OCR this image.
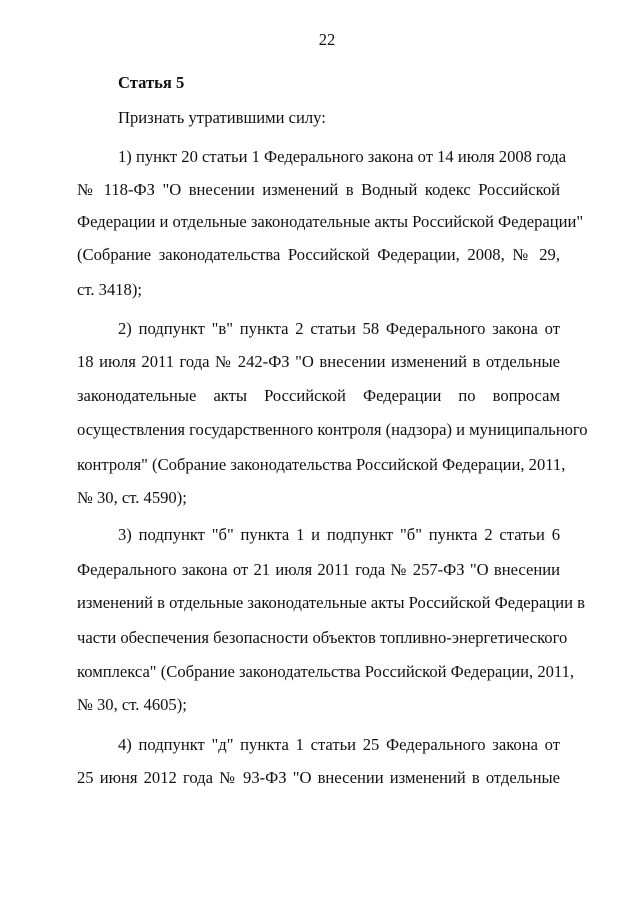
22
Статья 5
Признать утратившими силу:
1) пункт 20 статьи 1 Федерального закона от 14 июля 2008 года
№ 118-ФЗ "О внесении изменений в Водный кодекс Российской
Федерации и отдельные законодательные акты Российской Федерации"
(Собрание законодательства Российской Федерации, 2008, № 29,
ст. 3418);
2) подпункт "в" пункта 2 статьи 58 Федерального закона от
18 июля 2011 года № 242-ФЗ "О внесении изменений в отдельные
законодательные акты Российской Федерации по вопросам
осуществления государственного контроля (надзора) и муниципального
контроля" (Собрание законодательства Российской Федерации, 2011,
№ 30, ст. 4590);
3) подпункт "б" пункта 1 и подпункт "б" пункта 2 статьи 6
Федерального закона от 21 июля 2011 года № 257-ФЗ "О внесении
изменений в отдельные законодательные акты Российской Федерации в
части обеспечения безопасности объектов топливно-энергетического
комплекса" (Собрание законодательства Российской Федерации, 2011,
№ 30, ст. 4605);
4) подпункт "д" пункта 1 статьи 25 Федерального закона от
25 июня 2012 года № 93-ФЗ "О внесении изменений в отдельные
